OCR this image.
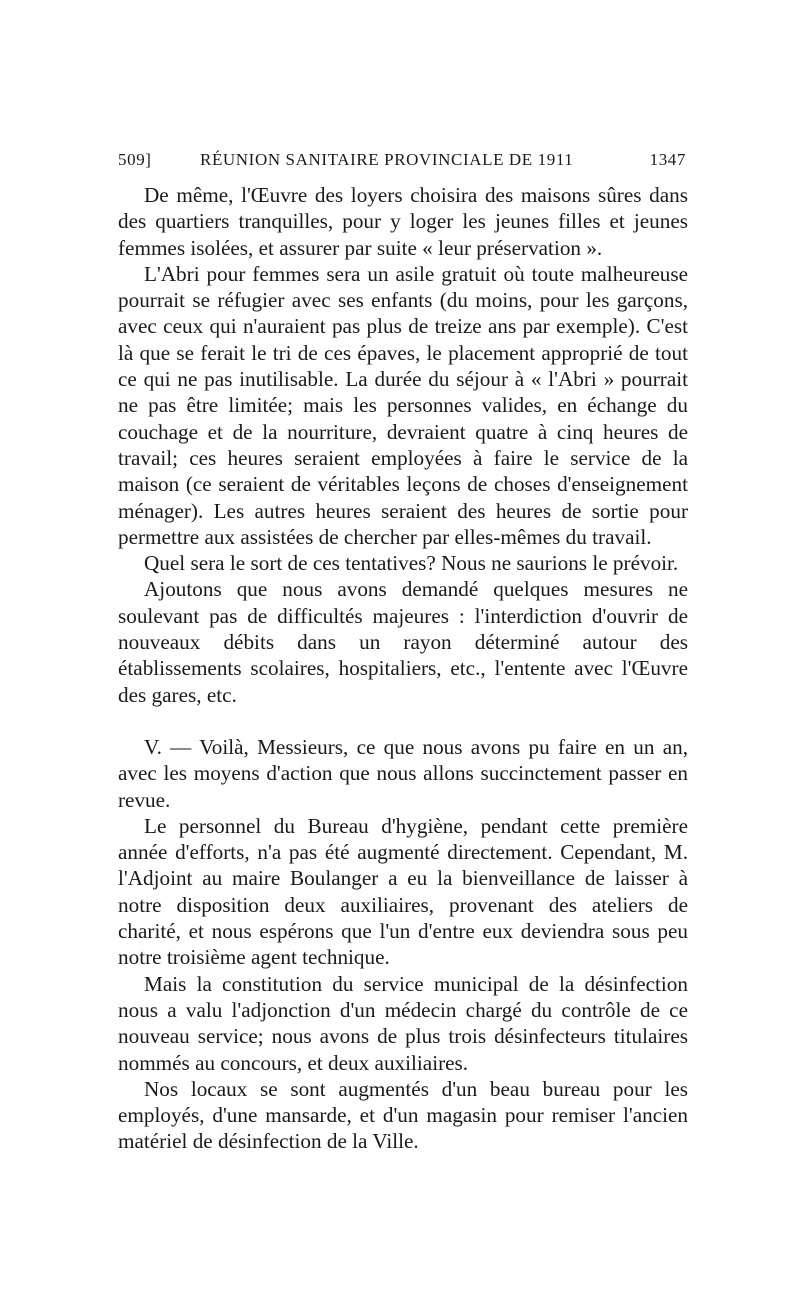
509]	RÉUNION SANITAIRE PROVINCIALE DE 1911	1347

De même, l'Œuvre des loyers choisira des maisons sûres dans des quartiers tranquilles, pour y loger les jeunes filles et jeunes femmes isolées, et assurer par suite « leur préservation ».

L'Abri pour femmes sera un asile gratuit où toute malheureuse pourrait se réfugier avec ses enfants (du moins, pour les garçons, avec ceux qui n'auraient pas plus de treize ans par exemple). C'est là que se ferait le tri de ces épaves, le placement approprié de tout ce qui ne pas inutilisable. La durée du séjour à « l'Abri » pourrait ne pas être limitée; mais les personnes valides, en échange du couchage et de la nourriture, devraient quatre à cinq heures de travail; ces heures seraient employées à faire le service de la maison (ce seraient de véritables leçons de choses d'enseignement ménager). Les autres heures seraient des heures de sortie pour permettre aux assistées de chercher par elles-mêmes du travail.

Quel sera le sort de ces tentatives? Nous ne saurions le prévoir.

Ajoutons que nous avons demandé quelques mesures ne soulevant pas de difficultés majeures : l'interdiction d'ouvrir de nouveaux débits dans un rayon déterminé autour des établissements scolaires, hospitaliers, etc., l'entente avec l'Œuvre des gares, etc.

V. — Voilà, Messieurs, ce que nous avons pu faire en un an, avec les moyens d'action que nous allons succinctement passer en revue.

Le personnel du Bureau d'hygiène, pendant cette première année d'efforts, n'a pas été augmenté directement. Cependant, M. l'Adjoint au maire Boulanger a eu la bienveillance de laisser à notre disposition deux auxiliaires, provenant des ateliers de charité, et nous espérons que l'un d'entre eux deviendra sous peu notre troisième agent technique.

Mais la constitution du service municipal de la désinfection nous a valu l'adjonction d'un médecin chargé du contrôle de ce nouveau service; nous avons de plus trois désinfecteurs titulaires nommés au concours, et deux auxiliaires.

Nos locaux se sont augmentés d'un beau bureau pour les employés, d'une mansarde, et d'un magasin pour remiser l'ancien matériel de désinfection de la Ville.
